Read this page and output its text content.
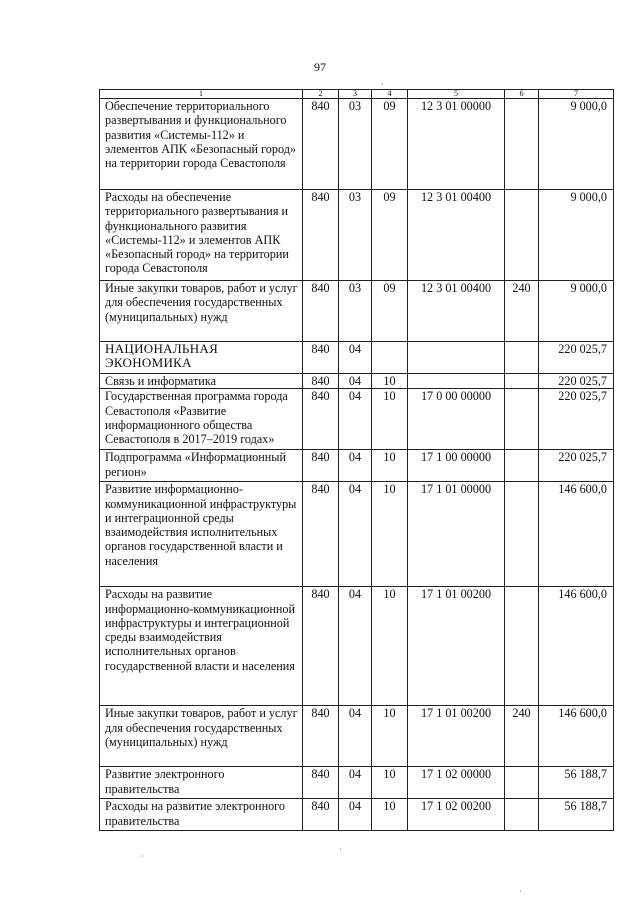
97
1	2	3	4	5	6	7
Обеспечение территориального развертывания и функционального развития «Системы-112» и элементов АПК «Безопасный город» на территории города Севастополя	840	03	09	12 3 01 00000		9 000,0
Расходы на обеспечение территориального развертывания и функционального развития «Системы-112» и элементов АПК «Безопасный город» на территории города Севастополя	840	03	09	12 3 01 00400		9 000,0
Иные закупки товаров, работ и услуг для обеспечения государственных (муниципальных) нужд	840	03	09	12 3 01 00400	240	9 000,0
НАЦИОНАЛЬНАЯ ЭКОНОМИКА	840	04				220 025,7
Связь и информатика	840	04	10			220 025,7
Государственная программа города Севастополя «Развитие информационного общества Севастополя в 2017–2019 годах»	840	04	10	17 0 00 00000		220 025,7
Подпрограмма «Информационный регион»	840	04	10	17 1 00 00000		220 025,7
Развитие информационно-коммуникационной инфраструктуры и интеграционной среды взаимодействия исполнительных органов государственной власти и населения	840	04	10	17 1 01 00000		146 600,0
Расходы на развитие информационно-коммуникационной инфраструктуры и интеграционной среды взаимодействия исполнительных органов государственной власти и населения	840	04	10	17 1 01 00200		146 600,0
Иные закупки товаров, работ и услуг для обеспечения государственных (муниципальных) нужд	840	04	10	17 1 01 00200	240	146 600,0
Развитие электронного правительства	840	04	10	17 1 02 00000		56 188,7
Расходы на развитие электронного правительства	840	04	10	17 1 02 00200		56 188,7
·
·
·
·
